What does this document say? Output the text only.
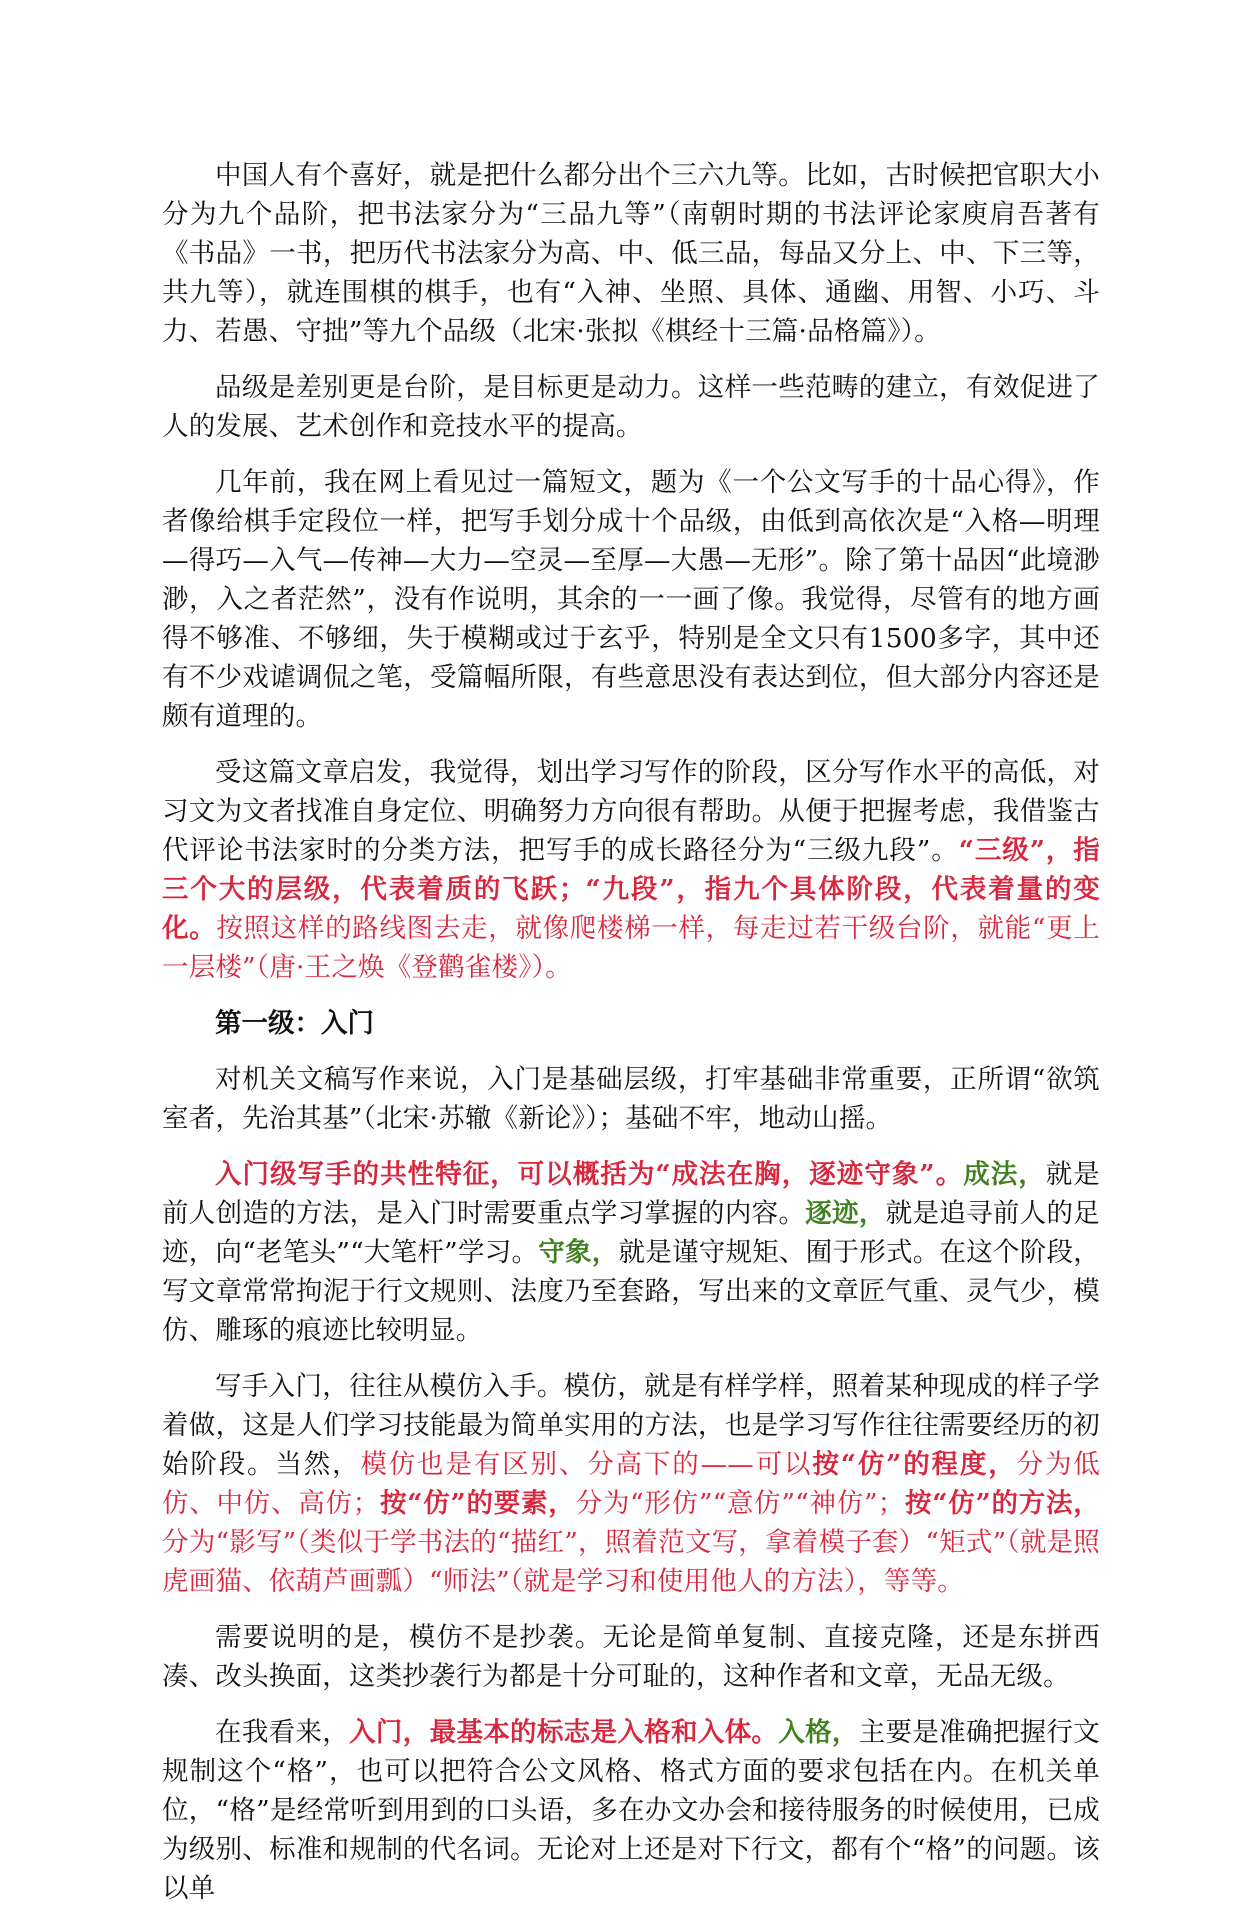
中国人有个喜好，就是把什么都分出个三六九等。比如，古时候把官职大小分为九个品阶，把书法家分为“三品九等”（南朝时期的书法评论家庾肩吾著有《书品》一书，把历代书法家分为高、中、低三品，每品又分上、中、下三等，共九等），就连围棋的棋手，也有“入神、坐照、具体、通幽、用智、小巧、斗力、若愚、守拙”等九个品级（北宋·张拟《棋经十三篇·品格篇》）。

品级是差别更是台阶，是目标更是动力。这样一些范畴的建立，有效促进了人的发展、艺术创作和竞技水平的提高。

几年前，我在网上看见过一篇短文，题为《一个公文写手的十品心得》，作者像给棋手定段位一样，把写手划分成十个品级，由低到高依次是“入格—明理—得巧—入气—传神—大力—空灵—至厚—大愚—无形”。除了第十品因“此境渺渺，入之者茫然”，没有作说明，其余的一一画了像。我觉得，尽管有的地方画得不够准、不够细，失于模糊或过于玄乎，特别是全文只有1500多字，其中还有不少戏谑调侃之笔，受篇幅所限，有些意思没有表达到位，但大部分内容还是颇有道理的。

受这篇文章启发，我觉得，划出学习写作的阶段，区分写作水平的高低，对习文为文者找准自身定位、明确努力方向很有帮助。从便于把握考虑，我借鉴古代评论书法家时的分类方法，把写手的成长路径分为“三级九段”。“三级”，指三个大的层级，代表着质的飞跃；“九段”，指九个具体阶段，代表着量的变化。按照这样的路线图去走，就像爬楼梯一样，每走过若干级台阶，就能“更上一层楼”（唐·王之焕《登鹳雀楼》）。

第一级：入门

对机关文稿写作来说，入门是基础层级，打牢基础非常重要，正所谓“欲筑室者，先治其基”（北宋·苏辙《新论》）；基础不牢，地动山摇。

入门级写手的共性特征，可以概括为“成法在胸，逐迹守象”。成法，就是前人创造的方法，是入门时需要重点学习掌握的内容。逐迹，就是追寻前人的足迹，向“老笔头”“大笔杆”学习。守象，就是谨守规矩、囿于形式。在这个阶段，写文章常常拘泥于行文规则、法度乃至套路，写出来的文章匠气重、灵气少，模仿、雕琢的痕迹比较明显。

写手入门，往往从模仿入手。模仿，就是有样学样，照着某种现成的样子学着做，这是人们学习技能最为简单实用的方法，也是学习写作往往需要经历的初始阶段。当然，模仿也是有区别、分高下的——可以按“仿”的程度，分为低仿、中仿、高仿；按“仿”的要素，分为“形仿”“意仿”“神仿”；按“仿”的方法，分为“影写”（类似于学书法的“描红”，照着范文写，拿着模子套）“矩式”（就是照虎画猫、依葫芦画瓢）“师法”（就是学习和使用他人的方法），等等。

需要说明的是，模仿不是抄袭。无论是简单复制、直接克隆，还是东拼西凑、改头换面，这类抄袭行为都是十分可耻的，这种作者和文章，无品无级。

在我看来，入门，最基本的标志是入格和入体。入格，主要是准确把握行文规制这个“格”，也可以把符合公文风格、格式方面的要求包括在内。在机关单位，“格”是经常听到用到的口头语，多在办文办会和接待服务的时候使用，已成为级别、标准和规制的代名词。无论对上还是对下行文，都有个“格”的问题。该以单
